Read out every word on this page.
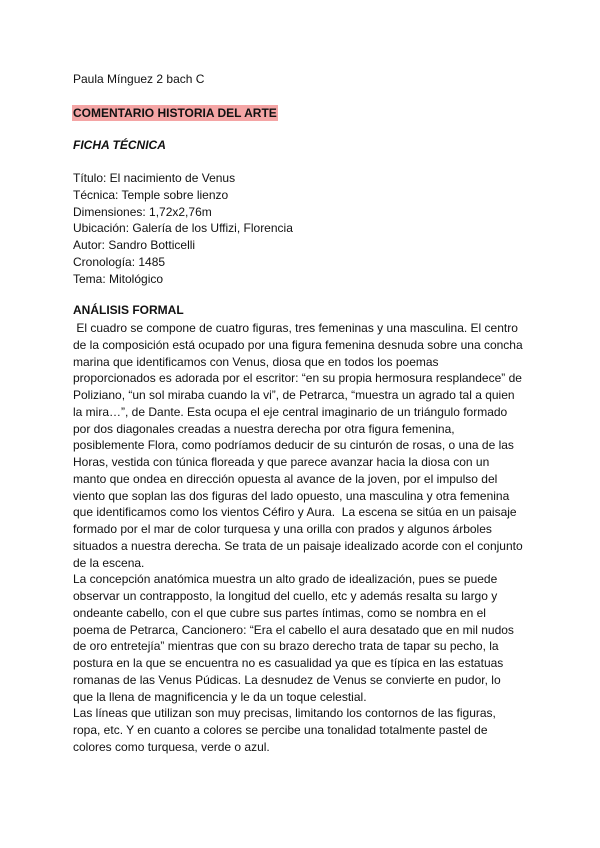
Paula Mínguez 2 bach C
COMENTARIO HISTORIA DEL ARTE
FICHA TÉCNICA
Título: El nacimiento de Venus
Técnica: Temple sobre lienzo
Dimensiones: 1,72x2,76m
Ubicación: Galería de los Uffizi, Florencia
Autor: Sandro Botticelli
Cronología: 1485
Tema: Mitológico
ANÁLISIS FORMAL
El cuadro se compone de cuatro figuras, tres femeninas y una masculina. El centro
de la composición está ocupado por una figura femenina desnuda sobre una concha
marina que identificamos con Venus, diosa que en todos los poemas
proporcionados es adorada por el escritor: “en su propia hermosura resplandece” de
Poliziano, “un sol miraba cuando la vi”, de Petrarca, “muestra un agrado tal a quien
la mira…”, de Dante. Esta ocupa el eje central imaginario de un triángulo formado
por dos diagonales creadas a nuestra derecha por otra figura femenina,
posiblemente Flora, como podríamos deducir de su cinturón de rosas, o una de las
Horas, vestida con túnica floreada y que parece avanzar hacia la diosa con un
manto que ondea en dirección opuesta al avance de la joven, por el impulso del
viento que soplan las dos figuras del lado opuesto, una masculina y otra femenina
que identificamos como los vientos Céfiro y Aura.  La escena se sitúa en un paisaje
formado por el mar de color turquesa y una orilla con prados y algunos árboles
situados a nuestra derecha. Se trata de un paisaje idealizado acorde con el conjunto
de la escena.
La concepción anatómica muestra un alto grado de idealización, pues se puede
observar un contrapposto, la longitud del cuello, etc y además resalta su largo y
ondeante cabello, con el que cubre sus partes íntimas, como se nombra en el
poema de Petrarca, Cancionero: “Era el cabello el aura desatado que en mil nudos
de oro entretejía” mientras que con su brazo derecho trata de tapar su pecho, la
postura en la que se encuentra no es casualidad ya que es típica en las estatuas
romanas de las Venus Púdicas. La desnudez de Venus se convierte en pudor, lo
que la llena de magnificencia y le da un toque celestial.
Las líneas que utilizan son muy precisas, limitando los contornos de las figuras,
ropa, etc. Y en cuanto a colores se percibe una tonalidad totalmente pastel de
colores como turquesa, verde o azul.
